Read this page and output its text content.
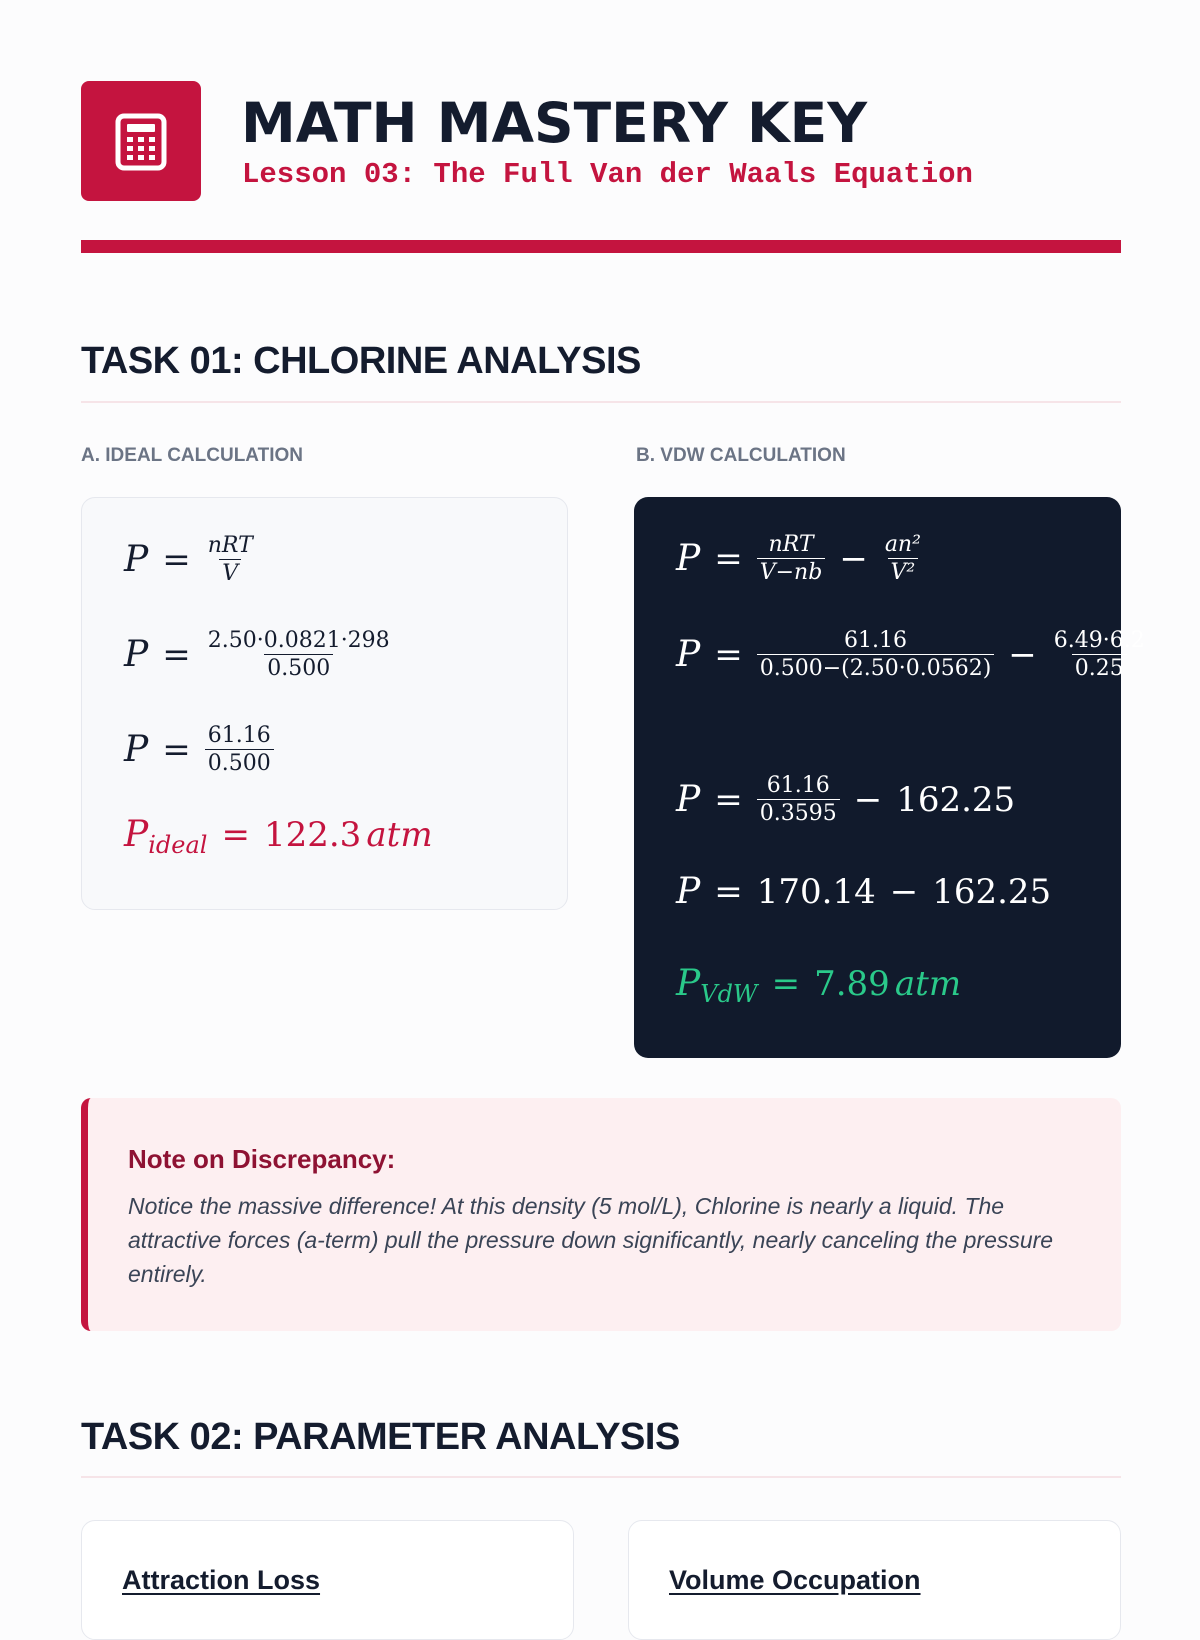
MATH MASTERY KEY
Lesson 03: The Full Van der Waals Equation
TASK 01: CHLORINE ANALYSIS
A. IDEAL CALCULATION	B. VDW CALCULATION
$P = \frac{\text{nRT}}{V}$
$P = \frac{2.50\cdot 0.0821\cdot 298}{0.500}$
$P = \frac{61.16}{0.500}$
P ideal = 122.3
atm
$P = \frac{\text{nRT}}{V-nb} - \frac{\text{an²}}{\text{V²}}$
$P = \frac{61.16}{0.500-(2.50\cdot 0.0562)} - \frac{6.49\cdot 6.2}{0.25}$
$P = \frac{61.16}{0.3595} - 162.25$
P = 170.14 − 162.25
P VdW = 7.89
atm
Note on Discrepancy:
Notice the massive difference! At this density (5 mol/L), Chlorine is nearly a liquid. The attractive forces (a-term) pull the pressure down significantly, nearly canceling the pressure entirely.
TASK 02: PARAMETER ANALYSIS
Attraction Loss	Volume Occupation
